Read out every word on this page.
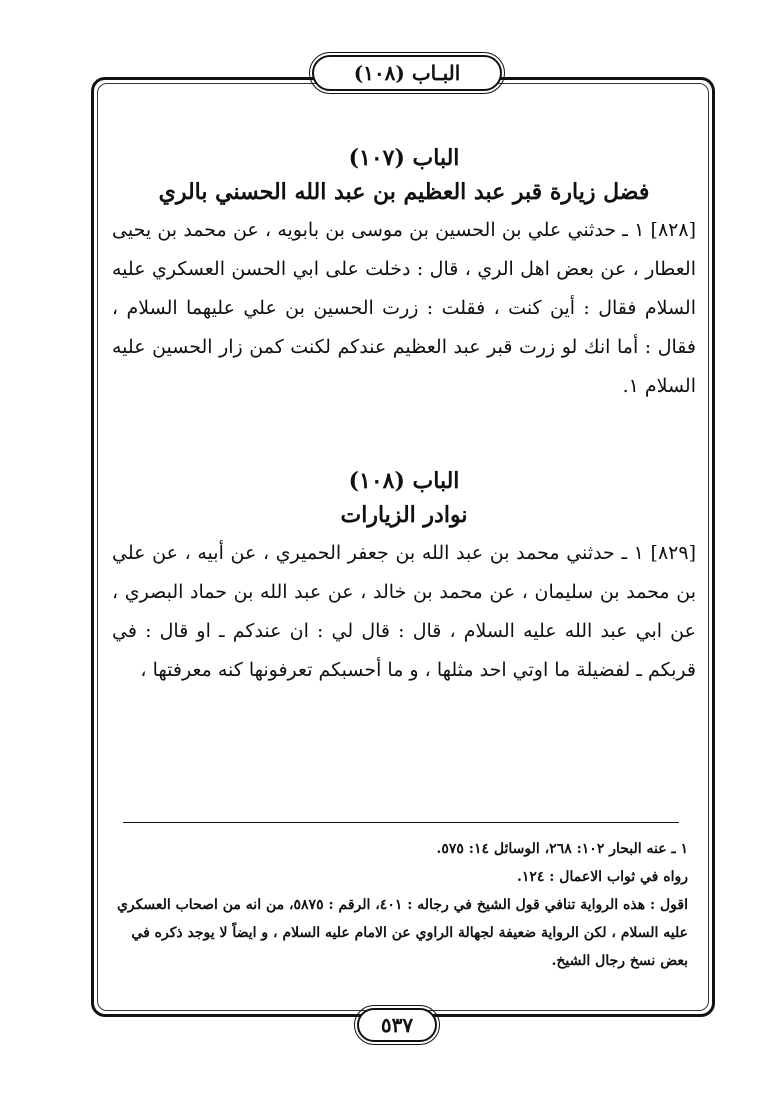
البـاب (١٠٨)
الباب (١٠٧)
فضل زيارة قبر عبد العظيم بن عبد الله الحسني بالري

[٨٢٨] ١ ـ حدثني علي بن الحسين بن موسى بن بابويه ، عن محمد بن يحيى العطار ، عن بعض اهل الري ، قال : دخلت على ابي الحسن العسكري عليه السلام فقال : أين كنت ، فقلت : زرت الحسين بن علي عليهما السلام ، فقال : أما انك لو زرت قبر عبد العظيم عندكم لكنت كمن زار الحسين عليه السلام ١.

الباب (١٠٨)
نوادر الزيارات

[٨٢٩] ١ ـ حدثني محمد بن عبد الله بن جعفر الحميري ، عن أبيه ، عن علي بن محمد بن سليمان ، عن محمد بن خالد ، عن عبد الله بن حماد البصري ، عن ابي عبد الله عليه السلام ، قال : قال لي : ان عندكم ـ او قال : في قربكم ـ لفضيلة ما اوتي احد مثلها ، و ما أحسبكم تعرفونها كنه معرفتها ،

١ ـ عنه البحار ١٠٢: ٢٦٨، الوسائل ١٤: ٥٧٥.

رواه في ثواب الاعمال : ١٢٤.

اقول : هذه الرواية تنافي قول الشيخ في رجاله : ٤٠١، الرقم : ٥٨٧٥، من انه من اصحاب العسكري عليه السلام ، لكن الرواية ضعيفة لجهالة الراوي عن الامام عليه السلام ، و ايضاً لا يوجد ذكره في بعض نسخ رجال الشيخ.

٥٣٧
